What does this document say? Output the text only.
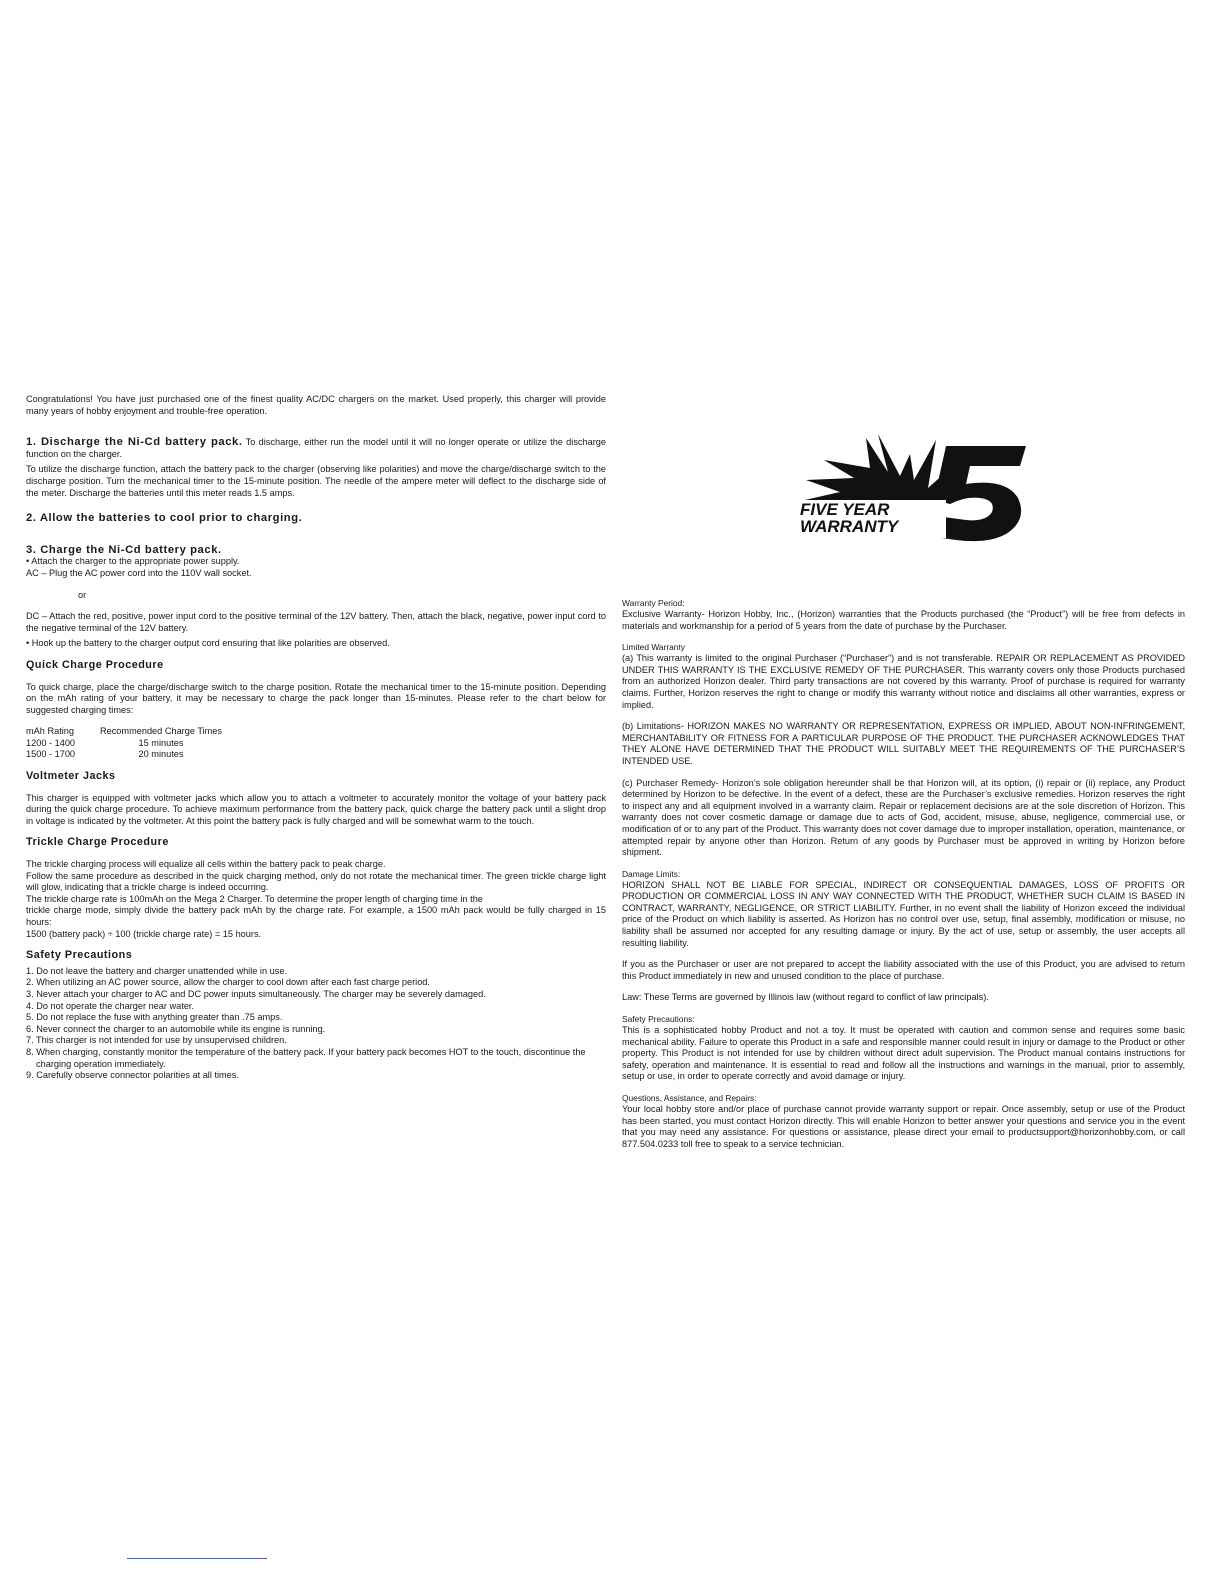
Congratulations! You have just purchased one of the finest quality AC/DC chargers on the market. Used properly, this charger will provide many years of hobby enjoyment and trouble-free operation.

1. Discharge the Ni-Cd battery pack. To discharge, either run the model until it will no longer operate or utilize the discharge function on the charger.

To utilize the discharge function, attach the battery pack to the charger (observing like polarities) and move the charge/discharge switch to the discharge position. Turn the mechanical timer to the 15-minute position. The needle of the ampere meter will deflect to the discharge side of the meter. Discharge the batteries until this meter reads 1.5 amps.

2. Allow the batteries to cool prior to charging.

3. Charge the Ni-Cd battery pack.

• Attach the charger to the appropriate power supply.

AC – Plug the AC power cord into the 110V wall socket.

or

DC – Attach the red, positive, power input cord to the positive terminal of the 12V battery. Then, attach the black, negative, power input cord to the negative terminal of the 12V battery.

• Hook up the battery to the charger output cord ensuring that like polarities are observed.

Quick Charge Procedure

To quick charge, place the charge/discharge switch to the charge position. Rotate the mechanical timer to the 15-minute position. Depending on the mAh rating of your battery, it may be necessary to charge the pack longer than 15-minutes. Please refer to the chart below for suggested charging times:

mAh Rating	Recommended Charge Times
1200 - 1400	15 minutes
1500 - 1700	20 minutes

Voltmeter Jacks

This charger is equipped with voltmeter jacks which allow you to attach a voltmeter to accurately monitor the voltage of your battery pack during the quick charge procedure. To achieve maximum performance from the battery pack, quick charge the battery pack until a slight drop in voltage is indicated by the voltmeter. At this point the battery pack is fully charged and will be somewhat warm to the touch.

Trickle Charge Procedure

The trickle charging process will equalize all cells within the battery pack to peak charge.

Follow the same procedure as described in the quick charging method, only do not rotate the mechanical timer. The green trickle charge light will glow, indicating that a trickle charge is indeed occurring.

The trickle charge rate is 100mAh on the Mega 2 Charger. To determine the proper length of charging time in the

trickle charge mode, simply divide the battery pack mAh by the charge rate. For example, a 1500 mAh pack would be fully charged in 15 hours:

1500 (battery pack) ÷ 100 (trickle charge rate) = 15 hours.

Safety Precautions

1. Do not leave the battery and charger unattended while in use.
2. When utilizing an AC power source, allow the charger to cool down after each fast charge period.
3. Never attach your charger to AC and DC power inputs simultaneously. The charger may be severely damaged.
4. Do not operate the charger near water.
5. Do not replace the fuse with anything greater than .75 amps.
6. Never connect the charger to an automobile while its engine is running.
7. This charger is not intended for use by unsupervised children.
8. When charging, constantly monitor the temperature of the battery pack. If your battery pack becomes HOT to the touch, discontinue the charging operation immediately.
9. Carefully observe connector polarities at all times.
FIVE YEAR
WARRANTY
5

Warranty Period:

Exclusive Warranty- Horizon Hobby, Inc., (Horizon) warranties that the Products purchased (the “Product”) will be free from defects in materials and workmanship for a period of 5 years from the date of purchase by the Purchaser.

Limited Warranty

(a) This warranty is limited to the original Purchaser (“Purchaser”) and is not transferable. REPAIR OR REPLACEMENT AS PROVIDED UNDER THIS WARRANTY IS THE EXCLUSIVE REMEDY OF THE PURCHASER. This warranty covers only those Products purchased from an authorized Horizon dealer. Third party transactions are not covered by this warranty. Proof of purchase is required for warranty claims. Further, Horizon reserves the right to change or modify this warranty without notice and disclaims all other warranties, express or implied.

(b) Limitations- HORIZON MAKES NO WARRANTY OR REPRESENTATION, EXPRESS OR IMPLIED, ABOUT NON-INFRINGEMENT, MERCHANTABILITY OR FITNESS FOR A PARTICULAR PURPOSE OF THE PRODUCT. THE PURCHASER ACKNOWLEDGES THAT THEY ALONE HAVE DETERMINED THAT THE PRODUCT WILL SUITABLY MEET THE REQUIREMENTS OF THE PURCHASER’S INTENDED USE.

(c) Purchaser Remedy- Horizon’s sole obligation hereunder shall be that Horizon will, at its option, (i) repair or (ii) replace, any Product determined by Horizon to be defective. In the event of a defect, these are the Purchaser’s exclusive remedies. Horizon reserves the right to inspect any and all equipment involved in a warranty claim. Repair or replacement decisions are at the sole discretion of Horizon. This warranty does not cover cosmetic damage or damage due to acts of God, accident, misuse, abuse, negligence, commercial use, or modification of or to any part of the Product. This warranty does not cover damage due to improper installation, operation, maintenance, or attempted repair by anyone other than Horizon. Return of any goods by Purchaser must be approved in writing by Horizon before shipment.

Damage Limits:

HORIZON SHALL NOT BE LIABLE FOR SPECIAL, INDIRECT OR CONSEQUENTIAL DAMAGES, LOSS OF PROFITS OR PRODUCTION OR COMMERCIAL LOSS IN ANY WAY CONNECTED WITH THE PRODUCT, WHETHER SUCH CLAIM IS BASED IN CONTRACT, WARRANTY, NEGLIGENCE, OR STRICT LIABILITY. Further, in no event shall the liability of Horizon exceed the individual price of the Product on which liability is asserted. As Horizon has no control over use, setup, final assembly, modification or misuse, no liability shall be assumed nor accepted for any resulting damage or injury. By the act of use, setup or assembly, the user accepts all resulting liability.

If you as the Purchaser or user are not prepared to accept the liability associated with the use of this Product, you are advised to return this Product immediately in new and unused condition to the place of purchase.

Law: These Terms are governed by Illinois law (without regard to conflict of law principals).

Safety Precautions:

This is a sophisticated hobby Product and not a toy. It must be operated with caution and common sense and requires some basic mechanical ability. Failure to operate this Product in a safe and responsible manner could result in injury or damage to the Product or other property. This Product is not intended for use by children without direct adult supervision. The Product manual contains instructions for safety, operation and maintenance. It is essential to read and follow all the instructions and warnings in the manual, prior to assembly, setup or use, in order to operate correctly and avoid damage or injury.

Questions, Assistance, and Repairs:

Your local hobby store and/or place of purchase cannot provide warranty support or repair. Once assembly, setup or use of the Product has been started, you must contact Horizon directly. This will enable Horizon to better answer your questions and service you in the event that you may need any assistance. For questions or assistance, please direct your email to productsupport@horizonhobby.com, or call 877.504.0233 toll free to speak to a service technician.
